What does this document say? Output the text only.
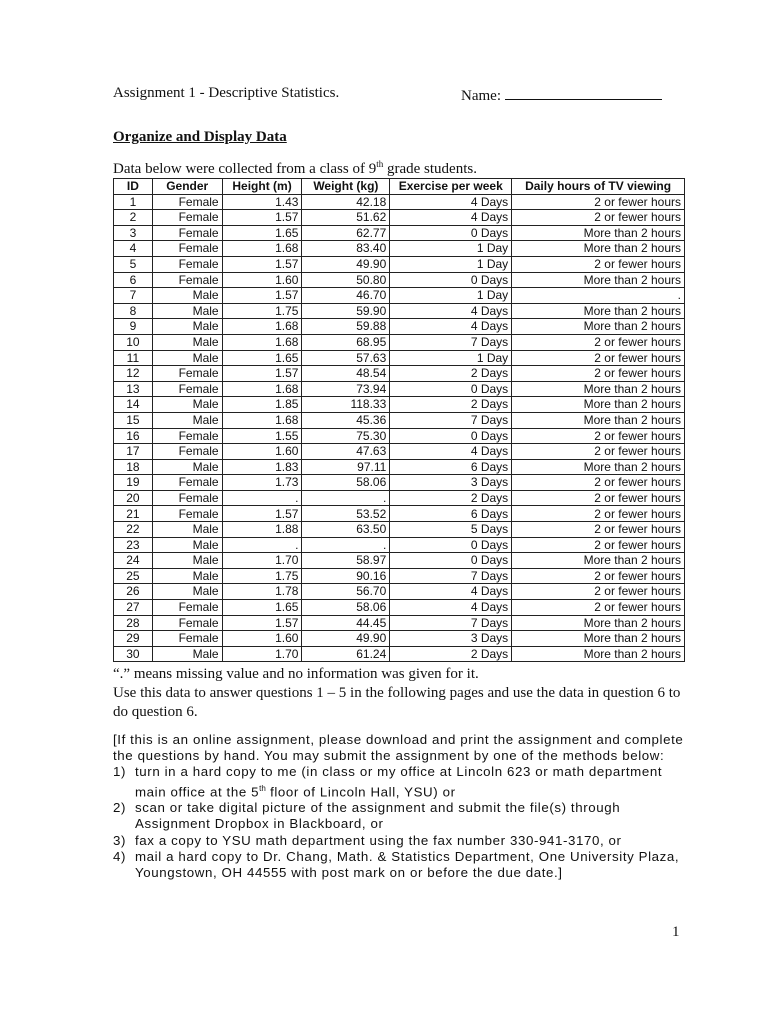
Assignment 1 - Descriptive Statistics.	Name:
Organize and Display Data
Data below were collected from a class of 9th grade students.
ID	Gender	Height (m)	Weight (kg)	Exercise per week	Daily hours of TV viewing
1	Female	1.43	42.18	4 Days	2 or fewer hours
2	Female	1.57	51.62	4 Days	2 or fewer hours
3	Female	1.65	62.77	0 Days	More than 2 hours
4	Female	1.68	83.40	1 Day	More than 2 hours
5	Female	1.57	49.90	1 Day	2 or fewer hours
6	Female	1.60	50.80	0 Days	More than 2 hours
7	Male	1.57	46.70	1 Day	.
8	Male	1.75	59.90	4 Days	More than 2 hours
9	Male	1.68	59.88	4 Days	More than 2 hours
10	Male	1.68	68.95	7 Days	2 or fewer hours
11	Male	1.65	57.63	1 Day	2 or fewer hours
12	Female	1.57	48.54	2 Days	2 or fewer hours
13	Female	1.68	73.94	0 Days	More than 2 hours
14	Male	1.85	118.33	2 Days	More than 2 hours
15	Male	1.68	45.36	7 Days	More than 2 hours
16	Female	1.55	75.30	0 Days	2 or fewer hours
17	Female	1.60	47.63	4 Days	2 or fewer hours
18	Male	1.83	97.11	6 Days	More than 2 hours
19	Female	1.73	58.06	3 Days	2 or fewer hours
20	Female	.	.	2 Days	2 or fewer hours
21	Female	1.57	53.52	6 Days	2 or fewer hours
22	Male	1.88	63.50	5 Days	2 or fewer hours
23	Male	.	.	0 Days	2 or fewer hours
24	Male	1.70	58.97	0 Days	More than 2 hours
25	Male	1.75	90.16	7 Days	2 or fewer hours
26	Male	1.78	56.70	4 Days	2 or fewer hours
27	Female	1.65	58.06	4 Days	2 or fewer hours
28	Female	1.57	44.45	7 Days	More than 2 hours
29	Female	1.60	49.90	3 Days	More than 2 hours
30	Male	1.70	61.24	2 Days	More than 2 hours
“.” means missing value and no information was given for it.
Use this data to answer questions 1 – 5 in the following pages and use the data in question 6 to do question 6.

[If this is an online assignment, please download and print the assignment and complete the questions by hand. You may submit the assignment by one of the methods below:

1) turn in a hard copy to me (in class or my office at Lincoln 623 or math department main office at the 5th floor of Lincoln Hall, YSU) or
2) scan or take digital picture of the assignment and submit the file(s) through Assignment Dropbox in Blackboard, or
3) fax a copy to YSU math department using the fax number 330-941-3170, or
4) mail a hard copy to Dr. Chang, Math. & Statistics Department, One University Plaza, Youngstown, OH 44555 with post mark on or before the due date.]
1
